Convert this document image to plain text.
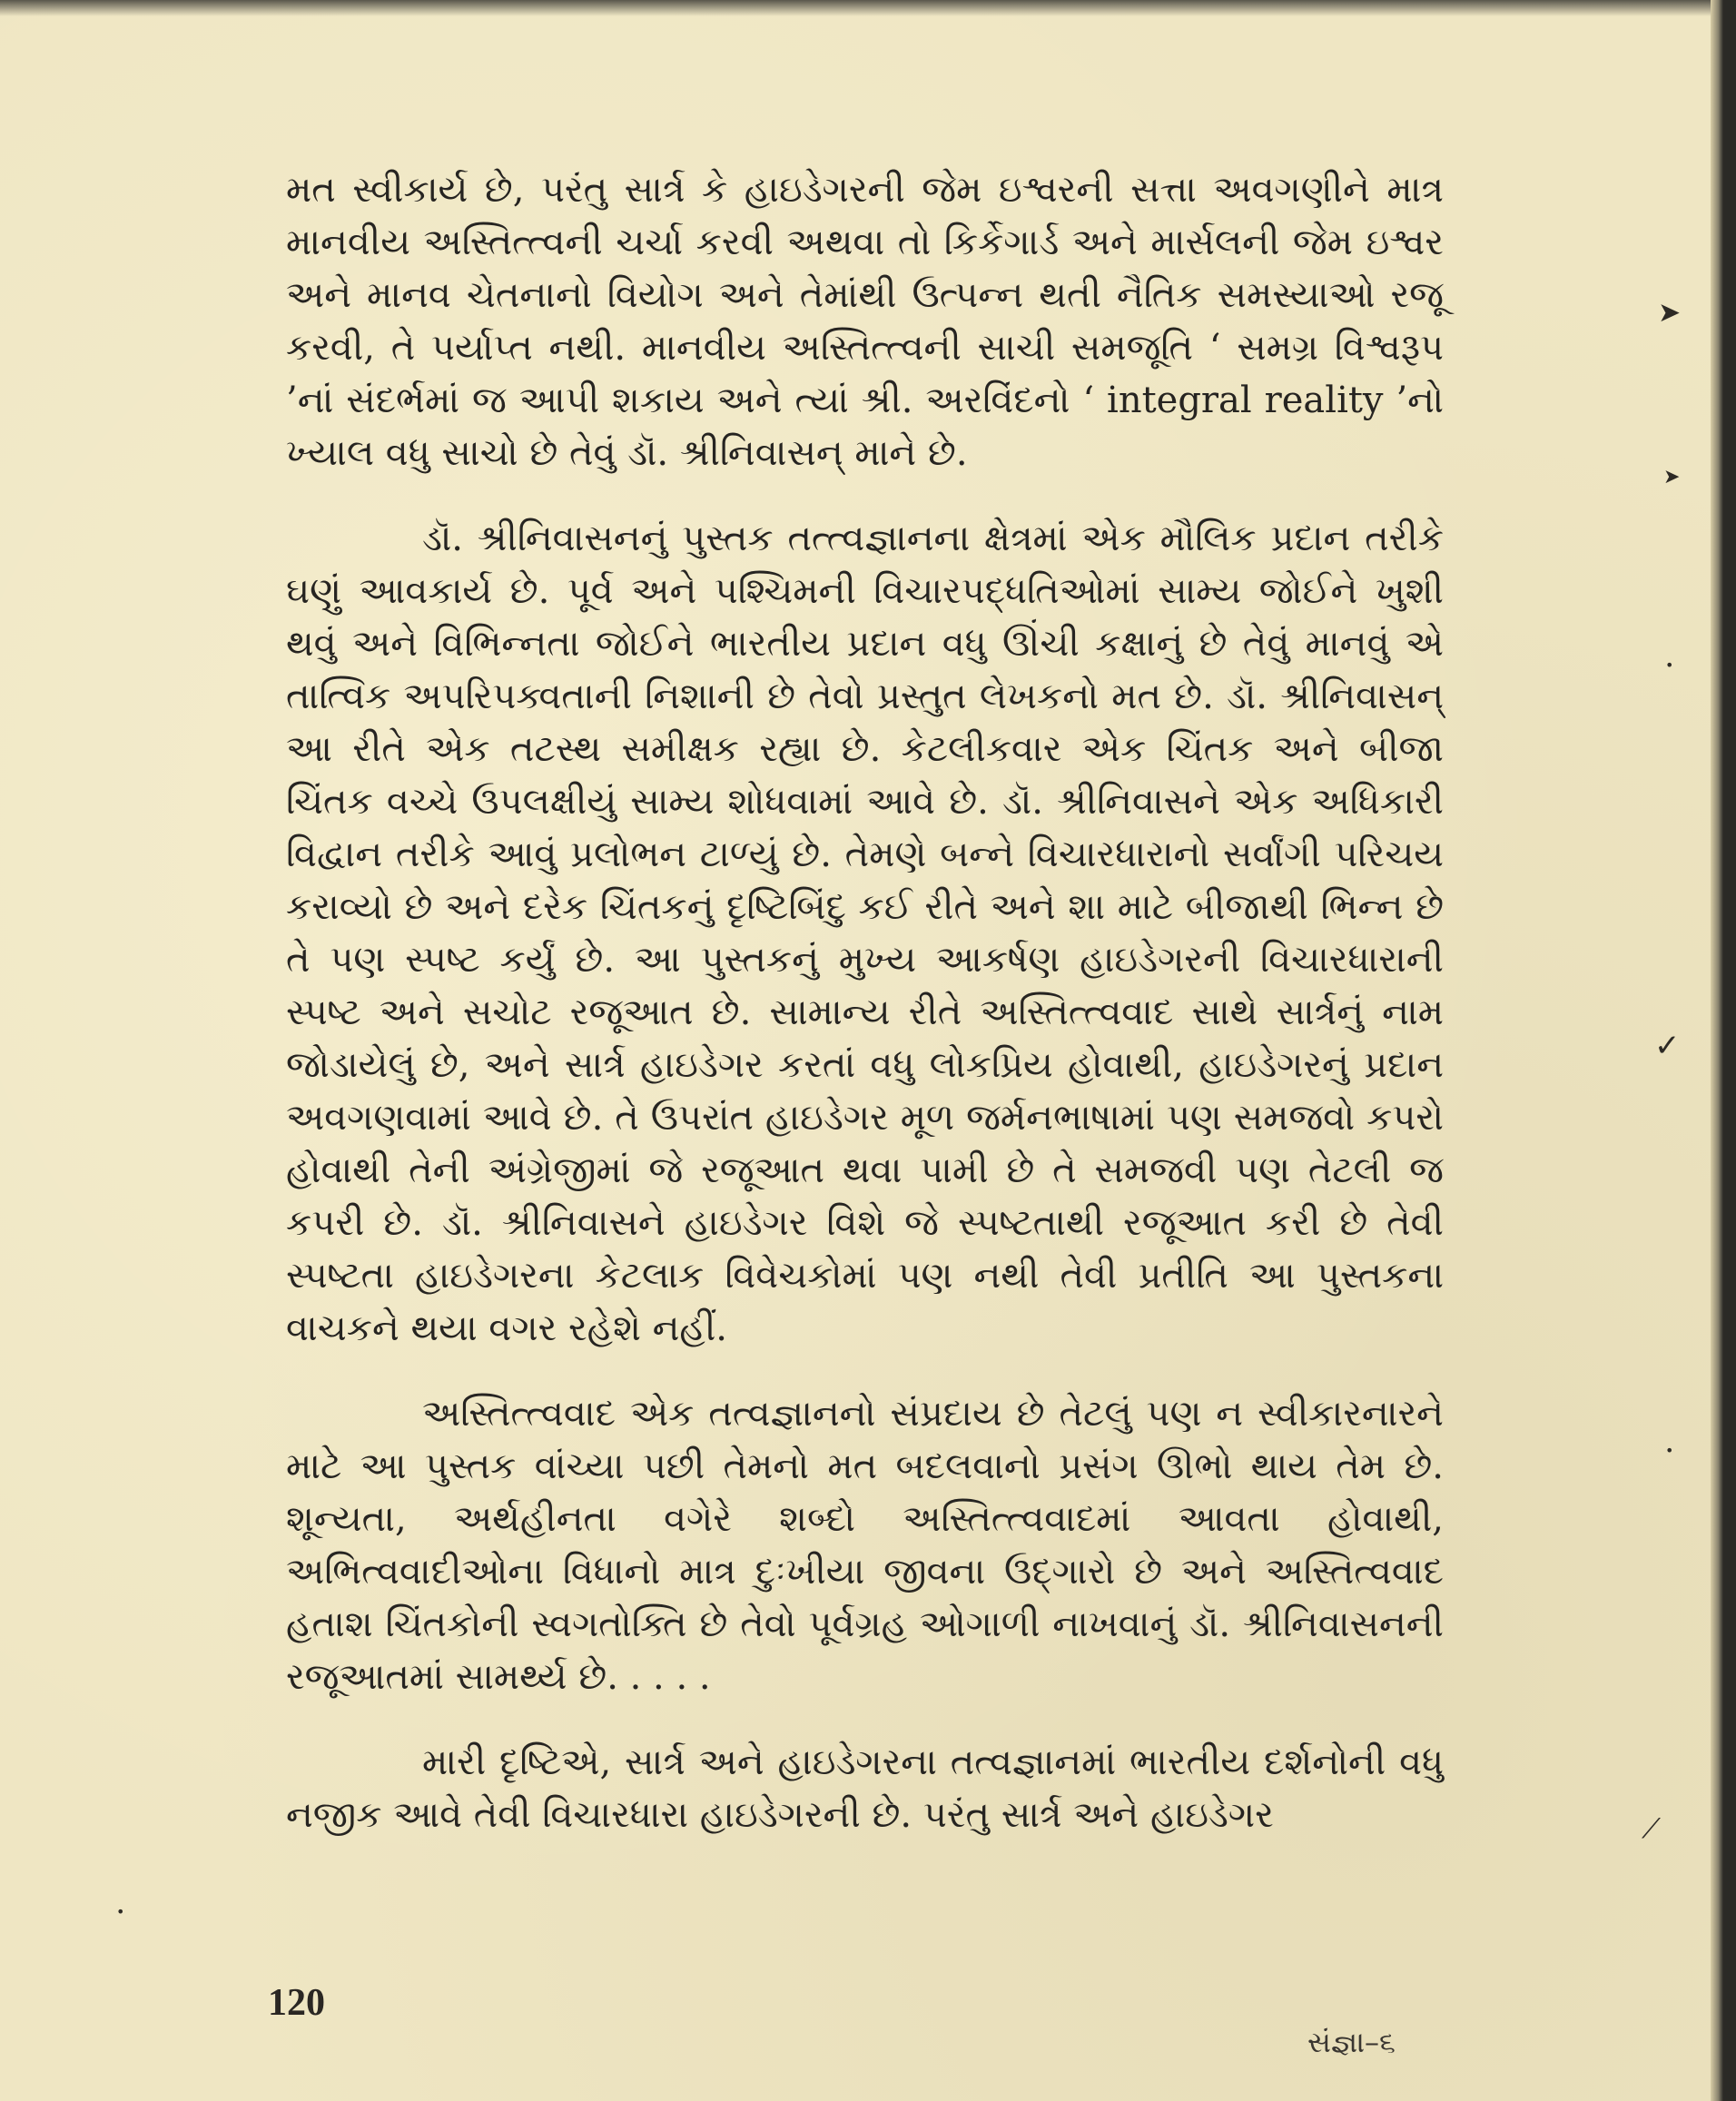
મત સ્વીકાર્ય છે, પરંતુ સાર્ત્ર કે હાઇડેગરની જેમ ઇશ્વરની સત્તા અવગણીને માત્ર માનવીય અસ્તિત્ત્વની ચર્ચા કરવી અથવા તો કિર્કેગાર્ડ અને માર્સલની જેમ ઇશ્વર અને માનવ ચેતનાનો વિયોગ અને તેમાંથી ઉત્પન્ન થતી નૈતિક સમસ્યાઓ રજૂ કરવી, તે પર્યાપ્ત નથી. માનવીય અસ્તિત્ત્વની સાચી સમજૂતિ ‘ સમગ્ર વિશ્વરૂપ ’નાં સંદર્ભમાં જ આપી શકાય અને ત્યાં શ્રી. અરવિંદનો ‘ integral reality ’નો ખ્યાલ વધુ સાચો છે તેવું ડૉ. શ્રીનિવાસન્ માને છે.

ડૉ. શ્રીનિવાસનનું પુસ્તક તત્ત્વજ્ઞાનના ક્ષેત્રમાં એક મૌલિક પ્રદાન તરીકે ઘણું આવકાર્ય છે. પૂર્વ અને પશ્ચિમની વિચારપદ્ધતિઓમાં સામ્ય જોઈને ખુશી થવું અને વિભિન્નતા જોઈને ભારતીય પ્રદાન વધુ ઊંચી કક્ષાનું છે તેવું માનવું એ તાત્વિક અપરિપક્વતાની નિશાની છે તેવો પ્રસ્તુત લેખકનો મત છે. ડૉ. શ્રીનિવાસન્ આ રીતે એક તટસ્થ સમીક્ષક રહ્યા છે. કેટલીકવાર એક ચિંતક અને બીજા ચિંતક વચ્ચે ઉપલક્ષીયું સામ્ય શોધવામાં આવે છે. ડૉ. શ્રીનિવાસને એક અધિકારી વિદ્વાન તરીકે આવું પ્રલોભન ટાળ્યું છે. તેમણે બન્ને વિચારધારાનો સર્વાંગી પરિચય કરાવ્યો છે અને દરેક ચિંતકનું દૃષ્ટિબિંદુ કઈ રીતે અને શા માટે બીજાથી ભિન્ન છે તે પણ સ્પષ્ટ કર્યું છે. આ પુસ્તકનું મુખ્ય આકર્ષણ હાઇડેગરની વિચારધારાની સ્પષ્ટ અને સચોટ રજૂઆત છે. સામાન્ય રીતે અસ્તિત્ત્વવાદ સાથે સાર્ત્રનું નામ જોડાયેલું છે, અને સાર્ત્ર હાઇડેગર કરતાં વધુ લોકપ્રિય હોવાથી, હાઇડેગરનું પ્રદાન અવગણવામાં આવે છે. તે ઉપરાંત હાઇડેગર મૂળ જર્મનભાષામાં પણ સમજવો કપરો હોવાથી તેની અંગ્રેજીમાં જે રજૂઆત થવા પામી છે તે સમજવી પણ તેટલી જ કપરી છે. ડૉ. શ્રીનિવાસને હાઇડેગર વિશે જે સ્પષ્ટતાથી રજૂઆત કરી છે તેવી સ્પષ્ટતા હાઇડેગરના કેટલાક વિવેચકોમાં પણ નથી તેવી પ્રતીતિ આ પુસ્તકના વાચકને થયા વગર રહેશે નહીં.

અસ્તિત્ત્વવાદ એક તત્વજ્ઞાનનો સંપ્રદાય છે તેટલું પણ ન સ્વીકારનારને માટે આ પુસ્તક વાંચ્યા પછી તેમનો મત બદલવાનો પ્રસંગ ઊભો થાય તેમ છે. શૂન્યતા, અર્થહીનતા વગેરે શબ્દો અસ્તિત્ત્વવાદમાં આવતા હોવાથી, અભિત્વવાદીઓના વિધાનો માત્ર દુઃખીયા જીવના ઉદ્‌ગારો છે અને અસ્તિત્વવાદ હતાશ ચિંતકોની સ્વગતોક્તિ છે તેવો પૂર્વગ્રહ ઓગાળી નાખવાનું ડૉ. શ્રીનિવાસનની રજૂઆતમાં સામર્થ્ય છે. . . . .

મારી દૃષ્ટિએ, સાર્ત્ર અને હાઇડેગરના તત્વજ્ઞાનમાં ભારતીય દર્શનોની વધુ નજીક આવે તેવી વિચારધારા હાઇડેગરની છે. પરંતુ સાર્ત્ર અને હાઇડેગર

120
સંજ્ઞા–૬
➤
➤
•
✓
•
⟋
•
